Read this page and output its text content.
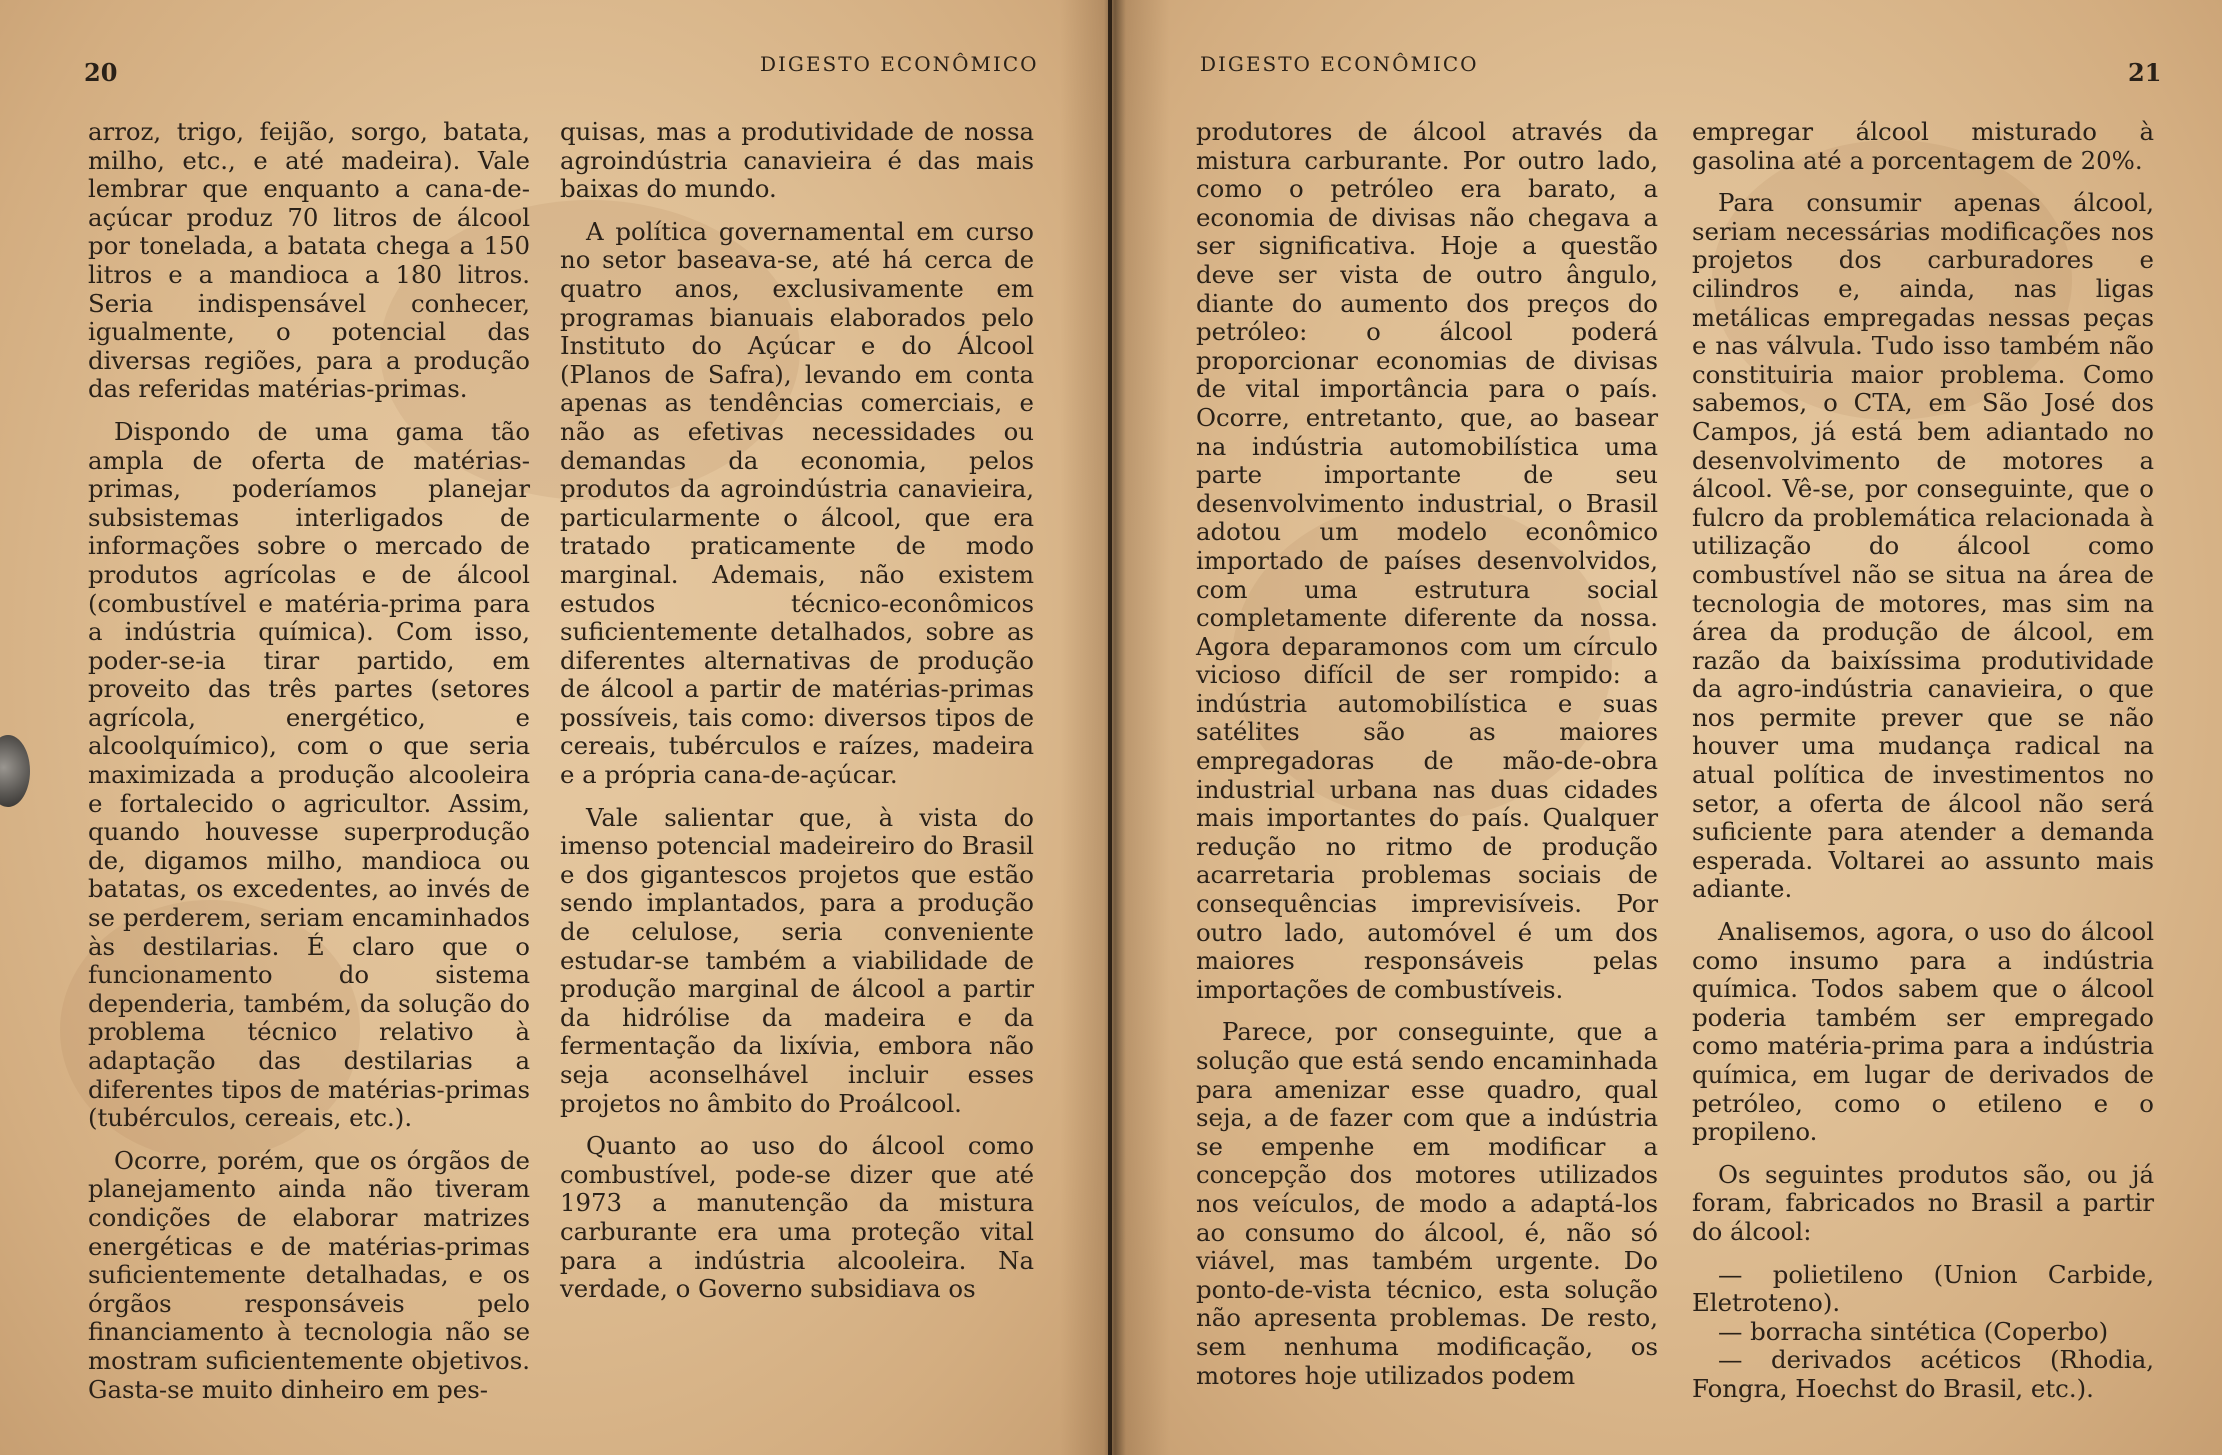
20	DIGESTO ECONÔMICO

arroz, trigo, feijão, sorgo, batata, milho, etc., e até madeira). Vale lembrar que enquanto a cana-de-açúcar produz 70 litros de álcool por tonelada, a batata chega a 150 litros e a mandioca a 180 litros. Seria indispensável conhecer, igualmente, o potencial das diversas regiões, para a produção das referidas matérias-primas.

Dispondo de uma gama tão ampla de oferta de matérias-primas, poderíamos planejar subsistemas interligados de informações sobre o mercado de produtos agrícolas e de álcool (combustível e matéria-prima para a indústria química). Com isso, poder-se-ia tirar partido, em proveito das três partes (setores agrícola, energético, e alcoolquímico), com o que seria maximizada a produção alcooleira e fortalecido o agricultor. Assim, quando houvesse superprodução de, digamos milho, mandioca ou batatas, os excedentes, ao invés de se perderem, seriam encaminhados às destilarias. É claro que o funcionamento do sistema dependeria, também, da solução do problema técnico relativo à adaptação das destilarias a diferentes tipos de matérias-primas (tubérculos, cereais, etc.).

Ocorre, porém, que os órgãos de planejamento ainda não tiveram condições de elaborar matrizes energéticas e de matérias-primas suficientemente detalhadas, e os órgãos responsáveis pelo financiamento à tecnologia não se mostram suficientemente objetivos. Gasta-se muito dinheiro em pes-

quisas, mas a produtividade de nossa agroindústria canavieira é das mais baixas do mundo.

A política governamental em curso no setor baseava-se, até há cerca de quatro anos, exclusivamente em programas bianuais elaborados pelo Instituto do Açúcar e do Álcool (Planos de Safra), levando em conta apenas as tendências comerciais, e não as efetivas necessidades ou demandas da economia, pelos produtos da agroindústria canavieira, particularmente o álcool, que era tratado praticamente de modo marginal. Ademais, não existem estudos técnico-econômicos suficientemente detalhados, sobre as diferentes alternativas de produção de álcool a partir de matérias-primas possíveis, tais como: diversos tipos de cereais, tubérculos e raízes, madeira e a própria cana-de-açúcar.

Vale salientar que, à vista do imenso potencial madeireiro do Brasil e dos gigantescos projetos que estão sendo implantados, para a produção de celulose, seria conveniente estudar-se também a viabilidade de produção marginal de álcool a partir da hidrólise da madeira e da fermentação da lixívia, embora não seja aconselhável incluir esses projetos no âmbito do Proálcool.

Quanto ao uso do álcool como combustível, pode-se dizer que até 1973 a manutenção da mistura carburante era uma proteção vital para a indústria alcooleira. Na verdade, o Governo subsidiava os

DIGESTO ECONÔMICO	21

produtores de álcool através da mistura carburante. Por outro lado, como o petróleo era barato, a economia de divisas não chegava a ser significativa. Hoje a questão deve ser vista de outro ângulo, diante do aumento dos preços do petróleo: o álcool poderá proporcionar economias de divisas de vital importância para o país. Ocorre, entretanto, que, ao basear na indústria automobilística uma parte importante de seu desenvolvimento industrial, o Brasil adotou um modelo econômico importado de países desenvolvidos, com uma estrutura social completamente diferente da nossa. Agora deparamonos com um círculo vicioso difícil de ser rompido: a indústria automobilística e suas satélites são as maiores empregadoras de mão-de-obra industrial urbana nas duas cidades mais importantes do país. Qualquer redução no ritmo de produção acarretaria problemas sociais de consequências imprevisíveis. Por outro lado, automóvel é um dos maiores responsáveis pelas importações de combustíveis.

Parece, por conseguinte, que a solução que está sendo encaminhada para amenizar esse quadro, qual seja, a de fazer com que a indústria se empenhe em modificar a concepção dos motores utilizados nos veículos, de modo a adaptá-los ao consumo do álcool, é, não só viável, mas também urgente. Do ponto-de-vista técnico, esta solução não apresenta problemas. De resto, sem nenhuma modificação, os motores hoje utilizados podem

empregar álcool misturado à gasolina até a porcentagem de 20%.

Para consumir apenas álcool, seriam necessárias modificações nos projetos dos carburadores e cilindros e, ainda, nas ligas metálicas empregadas nessas peças e nas válvula. Tudo isso também não constituiria maior problema. Como sabemos, o CTA, em São José dos Campos, já está bem adiantado no desenvolvimento de motores a álcool. Vê-se, por conseguinte, que o fulcro da problemática relacionada à utilização do álcool como combustível não se situa na área de tecnologia de motores, mas sim na área da produção de álcool, em razão da baixíssima produtividade da agro-indústria canavieira, o que nos permite prever que se não houver uma mudança radical na atual política de investimentos no setor, a oferta de álcool não será suficiente para atender a demanda esperada. Voltarei ao assunto mais adiante.

Analisemos, agora, o uso do álcool como insumo para a indústria química. Todos sabem que o álcool poderia também ser empregado como matéria-prima para a indústria química, em lugar de derivados de petróleo, como o etileno e o propileno.

Os seguintes produtos são, ou já foram, fabricados no Brasil a partir do álcool:

— polietileno (Union Carbide, Eletroteno).

— borracha sintética (Coperbo)

— derivados acéticos (Rhodia, Fongra, Hoechst do Brasil, etc.).
